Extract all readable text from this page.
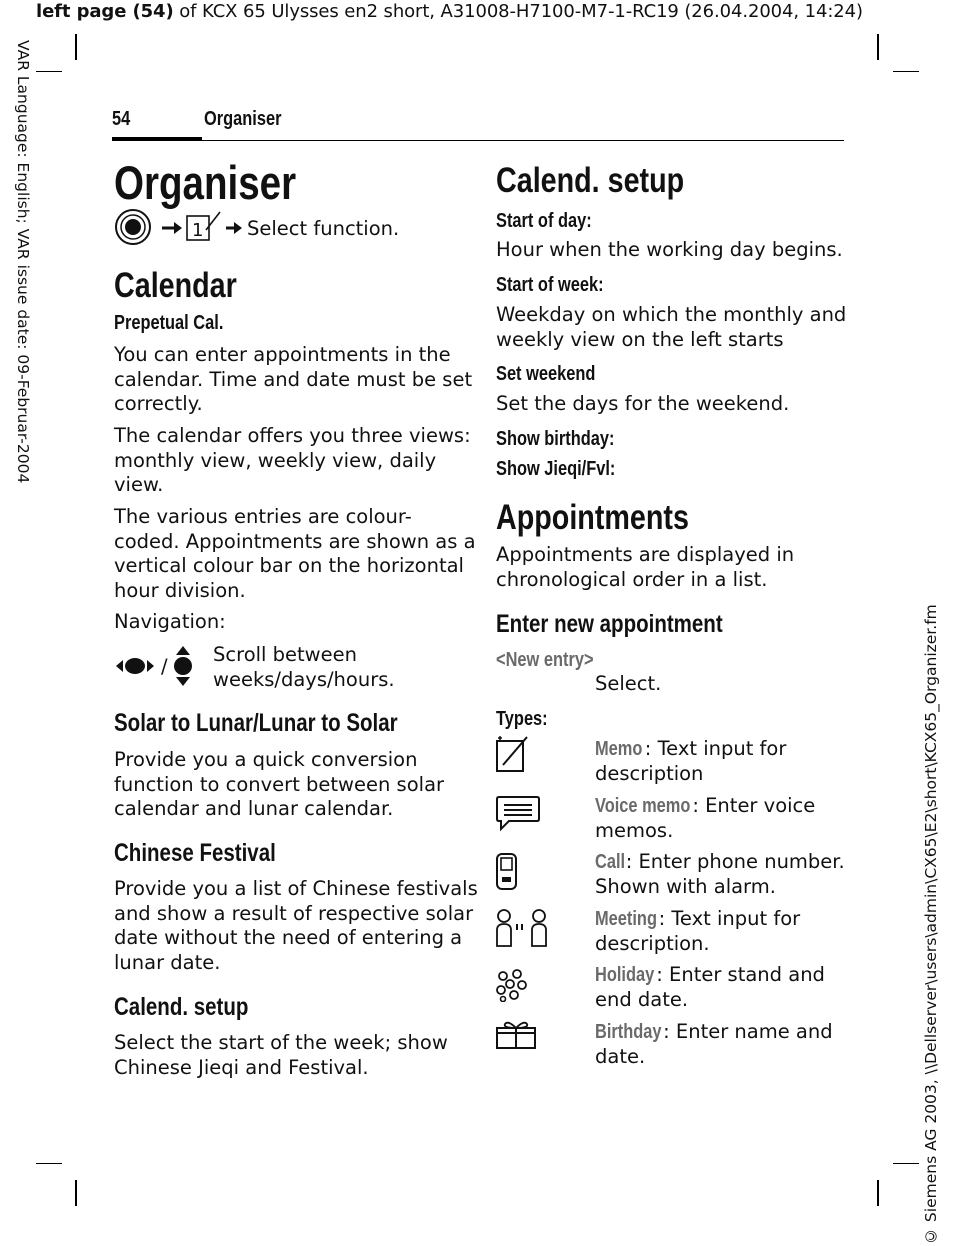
left page (54) of KCX 65 Ulysses en2 short, A31008-H7100-M7-1-RC19 (26.04.2004, 14:24)
VAR Language: English; VAR issue date: 09-Februar-2004
© Siemens AG 2003, \\Dellserver\users\admin\CX65\E2\short\KCX65_Organizer.fm
54	Organiser
Organiser
1 Select function.
Calendar
Prepetual Cal.
You can enter appointments in the
calendar. Time and date must be set
correctly.
The calendar offers you three views:
monthly view, weekly view, daily
view.
The various entries are colour-
coded. Appointments are shown as a
vertical colour bar on the horizontal
hour division.
Navigation:
/
Scroll between
weeks/days/hours.
Solar to Lunar/Lunar to Solar
Provide you a quick conversion
function to convert between solar
calendar and lunar calendar.
Chinese Festival
Provide you a list of Chinese festivals
and show a result of respective solar
date without the need of entering a
lunar date.
Calend. setup
Select the start of the week; show
Chinese Jieqi and Festival.
Calend. setup
Start of day:
Hour when the working day begins.
Start of week:
Weekday on which the monthly and
weekly view on the left starts
Set weekend
Set the days for the weekend.
Show birthday:
Show Jieqi/Fvl:
Appointments
Appointments are displayed in
chronological order in a list.
Enter new appointment
<New entry>
Select.
Types:
Memo : Text input for
description
Voice memo: Enter voice
memos.
Call: Enter phone number.
Shown with alarm.
Meeting: Text input for
description.
Holiday : Enter stand and
end date.
Birthday: Enter name and
date.
